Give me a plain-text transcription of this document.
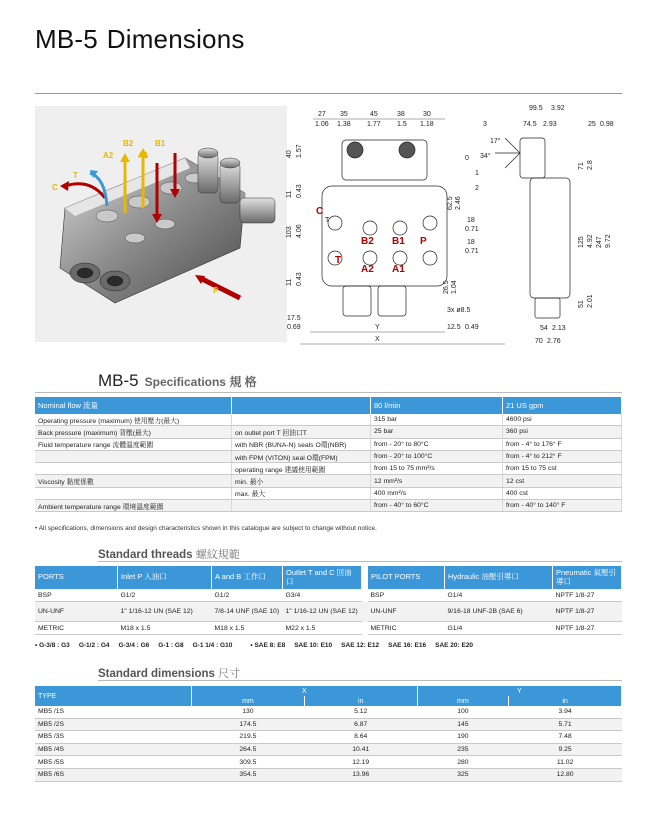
MB-5 Dimensions
A2
B2
A1
B1
C
T
P
B2 B1 P
T
A2 A1
C
T
27
1.06
35
1.38
45
1.77
38
1.5
30
1.18
40 1.57
11 0.43
103 4.06
11 0.43
62.5 2.46
18
0.71
18
0.71
26.5 1.04
17.5
0.69
3x ø8.5
12.5 0.49
Y
X
99.5 3.92
74.5 2.93	25 0.98
71 2.8
125 4.92 247 9.72
51 2.01
54 2.13
70 2.76
3
17°
0 34°
1
2
MB-5 Specifications 規 格
Nominal flow 流量		80 l/min	21 US gpm
Operating pressure (maximum) 使用壓力(最大)		315 bar	4600 psi
Back pressure (maximum) 背壓(最大)	on outlet port T 回油口T	25 bar	360 psi
Fluid temperature range 流體溫度範圍	with NBR (BUNA-N) seals O環(NBR)	from - 20° to 80°C	from - 4° to 176° F
	with FPM (VITON) seal O環(FPM)	from - 20° to 100°C	from - 4° to 212° F
	operating range 建議使用範圍	from 15 to 75 mm²/s	from 15 to 75 cst
Viscosity 黏度係數	min. 最小	12 mm²/s	12 cst
	max. 最大	400 mm²/s	400 cst
Ambient temperature range 環境溫度範圍		from - 40° to 60°C	from - 40° to 140° F
• All specifications, dimensions and design characteristics shown in this catalogue are subject to change without notice.
Standard threads 螺紋規範
PORTS	Inlet P 入油口	A and B 工作口	Outlet T and C 回油口		PILOT PORTS	Hydraulic 油壓引導口	Pneumatic 氣壓引導口
BSP	G1/2	G1/2	G3/4		BSP	G1/4	NPTF 1/8-27
UN-UNF	1" 1/16-12 UN (SAE 12)	7/8-14 UNF (SAE 10)	1" 1/16-12 UN (SAE 12)		UN-UNF	9/16-18 UNF-2B (SAE 6)	NPTF 1/8-27
METRIC	M18 x 1.5	M18 x 1.5	M22 x 1.5		METRIC	G1/4	NPTF 1/8-27
• G-3/8 : G3     G-1/2 : G4     G-3/4 : G6     G-1 : G8     G-1 1/4 : G10          • SAE 8: E8     SAE 10: E10     SAE 12: E12     SAE 16: E16     SAE 20: E20
Standard dimensions 尺寸
TYPE	X		Y	
	mm	in	mm	in
MB5 /1S	130	5.12	100	3.94
MB5 /2S	174.5	6.87	145	5.71
MB5 /3S	219.5	8.64	190	7.48
MB5 /4S	264.5	10.41	235	9.25
MB5 /5S	309.5	12.19	280	11.02
MB5 /6S	354.5	13.96	325	12.80
